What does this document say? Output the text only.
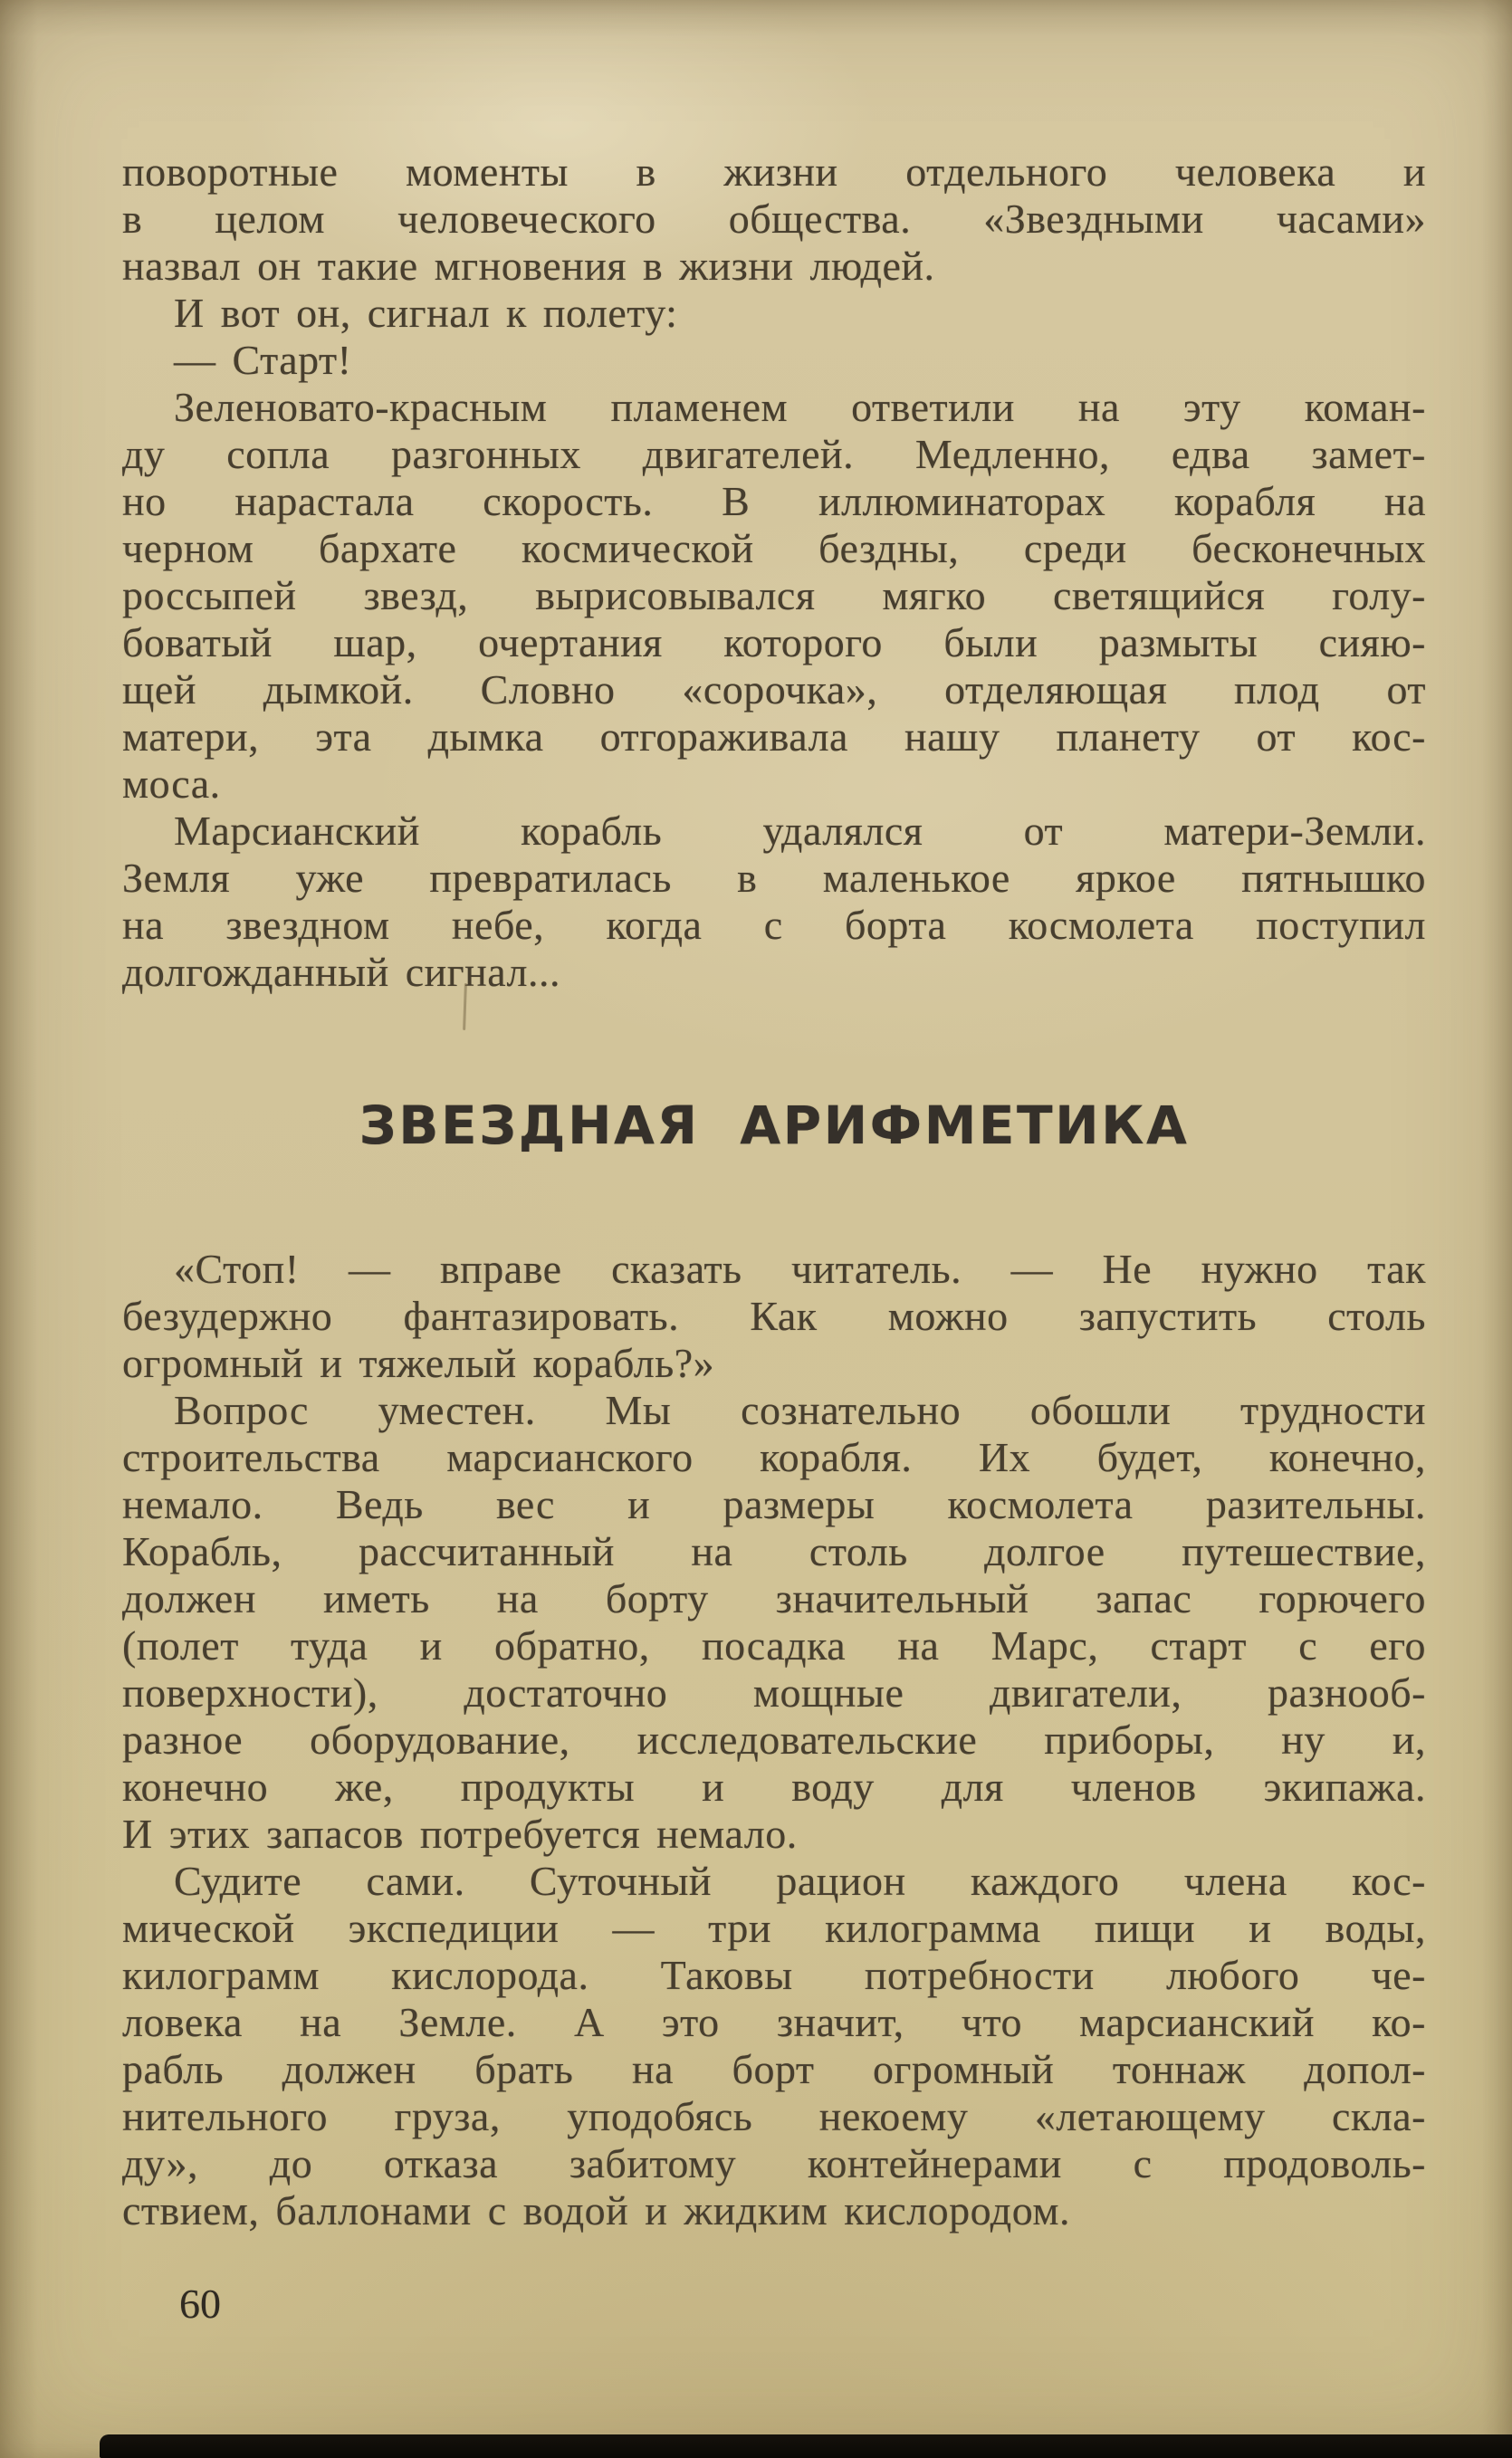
поворотные моменты в жизни отдельного человека и
в целом человеческого общества. «Звездными часами»
назвал он такие мгновения в жизни людей.
И вот он, сигнал к полету:
— Старт!
Зеленовато-красным пламенем ответили на эту коман-
ду сопла разгонных двигателей. Медленно, едва замет-
но нарастала скорость. В иллюминаторах корабля на
черном бархате космической бездны, среди бесконечных
россыпей звезд, вырисовывался мягко светящийся голу-
боватый шар, очертания которого были размыты сияю-
щей дымкой. Словно «сорочка», отделяющая плод от
матери, эта дымка отгораживала нашу планету от кос-
моса.
Марсианский корабль удалялся от матери-Земли.
Земля уже превратилась в маленькое яркое пятнышко
на звездном небе, когда с борта космолета поступил
долгожданный сигнал...
ЗВЕЗДНАЯ АРИФМЕТИКА
«Стоп! — вправе сказать читатель. — Не нужно так
безудержно фантазировать. Как можно запустить столь
огромный и тяжелый корабль?»
Вопрос уместен. Мы сознательно обошли трудности
строительства марсианского корабля. Их будет, конечно,
немало. Ведь вес и размеры космолета разительны.
Корабль, рассчитанный на столь долгое путешествие,
должен иметь на борту значительный запас горючего
(полет туда и обратно, посадка на Марс, старт с его
поверхности), достаточно мощные двигатели, разнооб-
разное оборудование, исследовательские приборы, ну и,
конечно же, продукты и воду для членов экипажа.
И этих запасов потребуется немало.
Судите сами. Суточный рацион каждого члена кос-
мической экспедиции — три килограмма пищи и воды,
килограмм кислорода. Таковы потребности любого че-
ловека на Земле. А это значит, что марсианский ко-
рабль должен брать на борт огромный тоннаж допол-
нительного груза, уподобясь некоему «летающему скла-
ду», до отказа забитому контейнерами с продоволь-
ствием, баллонами с водой и жидким кислородом.
60
